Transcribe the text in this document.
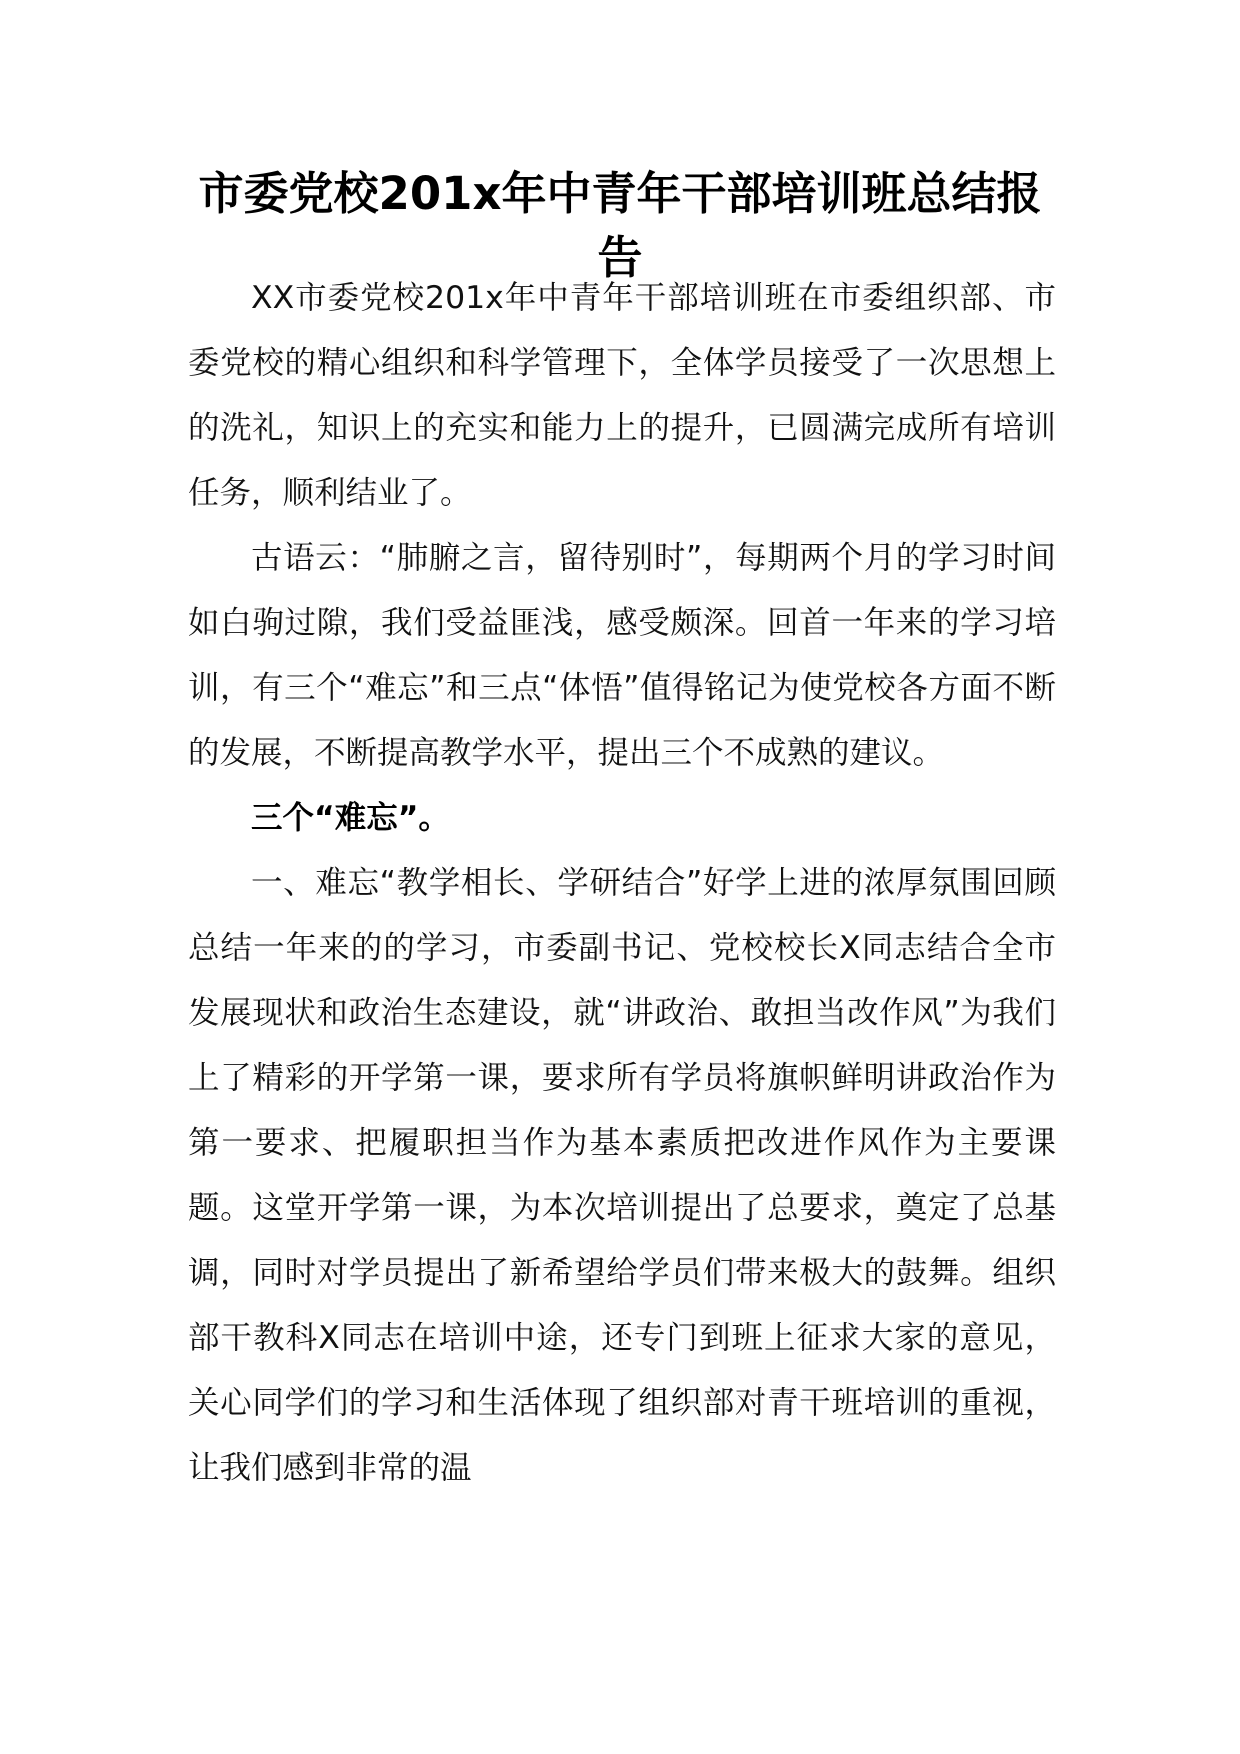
市委党校201x年中青年干部培训班总结报告

XX市委党校201x年中青年干部培训班在市委组织部、市委党校的精心组织和科学管理下，全体学员接受了一次思想上的洗礼，知识上的充实和能力上的提升，已圆满完成所有培训任务，顺利结业了。

古语云：“肺腑之言，留待别时”，每期两个月的学习时间如白驹过隙，我们受益匪浅，感受颇深。回首一年来的学习培训，有三个“难忘”和三点“体悟”值得铭记为使党校各方面不断的发展，不断提高教学水平，提出三个不成熟的建议。

三个“难忘”。

一、难忘“教学相长、学研结合”好学上进的浓厚氛围回顾总结一年来的的学习，市委副书记、党校校长X同志结合全市发展现状和政治生态建设，就“讲政治、敢担当改作风”为我们上了精彩的开学第一课，要求所有学员将旗帜鲜明讲政治作为第一要求、把履职担当作为基本素质把改进作风作为主要课题。这堂开学第一课，为本次培训提出了总要求，奠定了总基调，同时对学员提出了新希望给学员们带来极大的鼓舞。组织部干教科X同志在培训中途，还专门到班上征求大家的意见，关心同学们的学习和生活体现了组织部对青干班培训的重视，让我们感到非常的温
